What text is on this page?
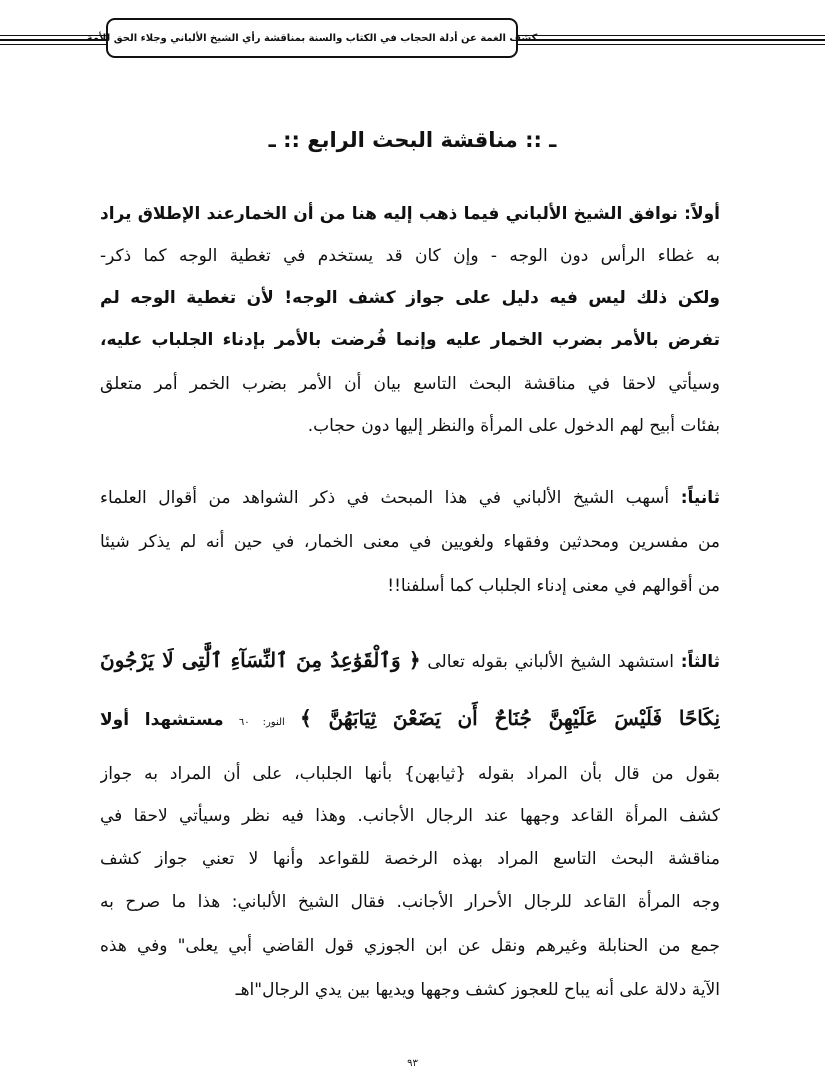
كشف الغمة عن أدلة الحجاب في الكتاب والسنة بمناقشة رأي الشيخ الألباني وجلاء الحق للأمة
ـ :: مناقشة البحث الرابع :: ـ
أولاً: نوافق الشيخ الألباني فيما ذهب إليه هنا من أن الخمارعند الإطلاق يراد
به غطاء الرأس دون الوجه - وإن كان قد يستخدم في تغطية الوجه كما ذكر-
ولكن ذلك ليس فيه دليل على جواز كشف الوجه! لأن تغطية الوجه لم
تفرض بالأمر بضرب الخمار عليه وإنما فُرضت بالأمر بإدناء الجلباب عليه،
وسيأتي لاحقا في مناقشة البحث التاسع بيان أن الأمر بضرب الخمر أمر متعلق
بفئات أبيح لهم الدخول على المرأة والنظر إليها دون حجاب.
ثانياً: أسهب الشيخ الألباني في هذا المبحث في ذكر الشواهد من أقوال العلماء
من مفسرين ومحدثين وفقهاء ولغويين في معنى الخمار، في حين أنه لم يذكر شيئا
من أقوالهم في معنى إدناء الجلباب كما أسلفنا!!
ثالثاً: استشهد الشيخ الألباني بقوله تعالى ﴿ وَٱلْقَوَٰعِدُ مِنَ ٱلنِّسَآءِ ٱلَّٰتِى لَا يَرْجُونَ
نِكَاحًا فَلَيْسَ عَلَيْهِنَّ جُنَاحٌ أَن يَضَعْنَ ثِيَابَهُنَّ ﴾ النور: ٦٠ مستشهدا أولا
بقول من قال بأن المراد بقوله {ثيابهن} بأنها الجلباب، على أن المراد به جواز
كشف المرأة القاعد وجهها عند الرجال الأجانب. وهذا فيه نظر وسيأتي لاحقا في
مناقشة البحث التاسع المراد بهذه الرخصة للقواعد وأنها لا تعني جواز كشف
وجه المرأة القاعد للرجال الأحرار الأجانب. فقال الشيخ الألباني: هذا ما صرح به
جمع من الحنابلة وغيرهم ونقل عن ابن الجوزي قول القاضي أبي يعلى" وفي هذه
الآية دلالة على أنه يباح للعجوز كشف وجهها ويديها بين يدي الرجال"اهـ
٩٣
